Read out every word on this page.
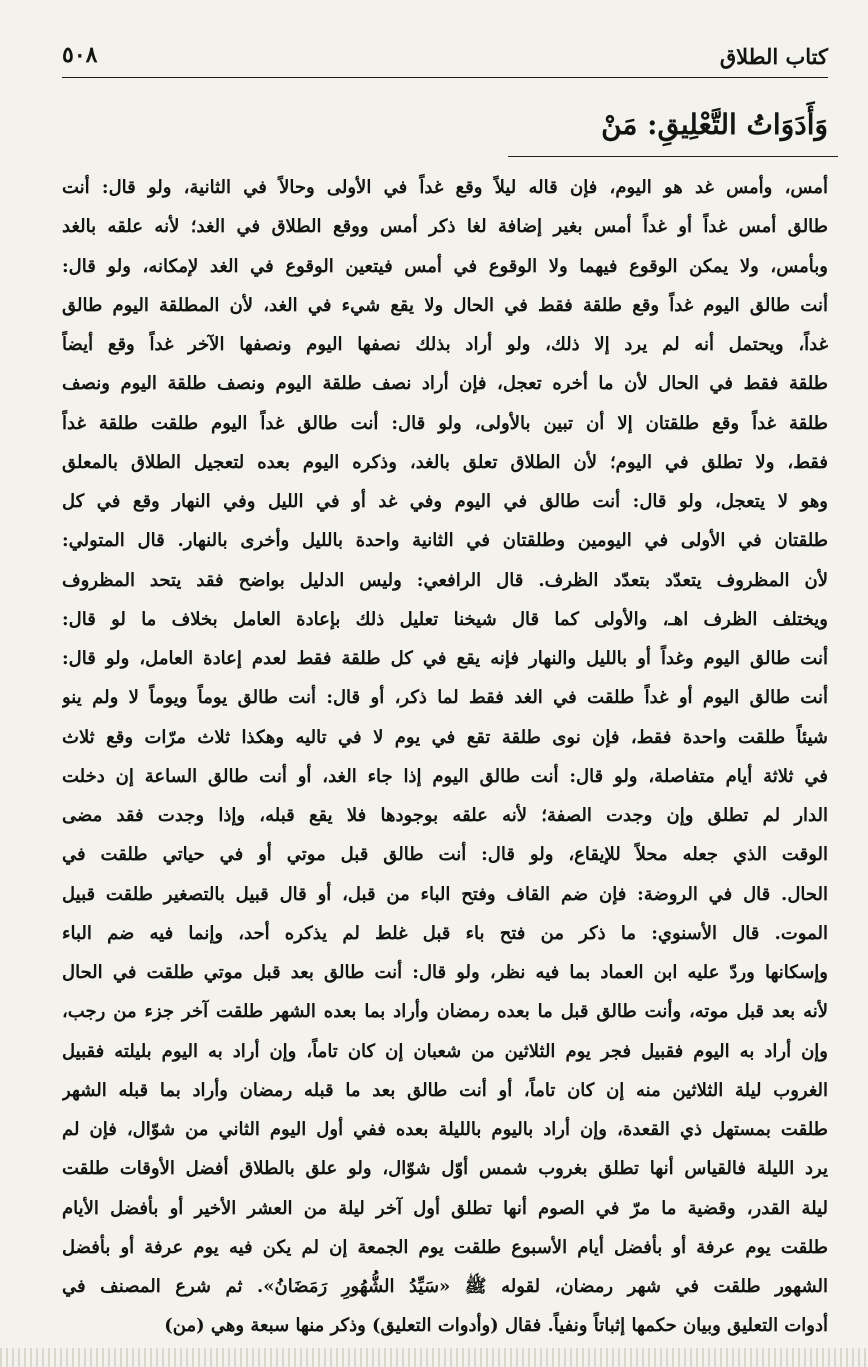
كتاب الطلاق
٥٠٨
وَأَدَوَاتُ التَّعْلِيقِ: مَنْ
أمس، وأمس غد هو اليوم، فإن قاله ليلاً وقع غداً في الأولى وحالاً في الثانية، ولو قال: أنت
طالق أمس غداً أو غداً أمس بغير إضافة لغا ذكر أمس ووقع الطلاق في الغد؛ لأنه علقه بالغد
وبأمس، ولا يمكن الوقوع فيهما ولا الوقوع في أمس فيتعين الوقوع في الغد لإمكانه، ولو قال:
أنت طالق اليوم غداً وقع طلقة فقط في الحال ولا يقع شيء في الغد، لأن المطلقة اليوم طالق
غداً، ويحتمل أنه لم يرد إلا ذلك، ولو أراد بذلك نصفها اليوم ونصفها الآخر غداً وقع أيضاً
طلقة فقط في الحال لأن ما أخره تعجل، فإن أراد نصف طلقة اليوم ونصف طلقة اليوم ونصف
طلقة غداً وقع طلقتان إلا أن تبين بالأولى، ولو قال: أنت طالق غداً اليوم طلقت طلقة غداً
فقط، ولا تطلق في اليوم؛ لأن الطلاق تعلق بالغد، وذكره اليوم بعده لتعجيل الطلاق بالمعلق
وهو لا يتعجل، ولو قال: أنت طالق في اليوم وفي غد أو في الليل وفي النهار وقع في كل
طلقتان في الأولى في اليومين وطلقتان في الثانية واحدة بالليل وأخرى بالنهار. قال المتولي:
لأن المظروف يتعدّد بتعدّد الظرف. قال الرافعي: وليس الدليل بواضح فقد يتحد المظروف
ويختلف الظرف اهـ، والأولى كما قال شيخنا تعليل ذلك بإعادة العامل بخلاف ما لو قال:
أنت طالق اليوم وغداً أو بالليل والنهار فإنه يقع في كل طلقة فقط لعدم إعادة العامل، ولو قال:
أنت طالق اليوم أو غداً طلقت في الغد فقط لما ذكر، أو قال: أنت طالق يوماً ويوماً لا ولم ينو
شيئاً طلقت واحدة فقط، فإن نوى طلقة تقع في يوم لا في تاليه وهكذا ثلاث مرّات وقع ثلاث
في ثلاثة أيام متفاصلة، ولو قال: أنت طالق اليوم إذا جاء الغد، أو أنت طالق الساعة إن دخلت
الدار لم تطلق وإن وجدت الصفة؛ لأنه علقه بوجودها فلا يقع قبله، وإذا وجدت فقد مضى
الوقت الذي جعله محلاً للإيقاع، ولو قال: أنت طالق قبل موتي أو في حياتي طلقت في
الحال. قال في الروضة: فإن ضم القاف وفتح الباء من قبل، أو قال قبيل بالتصغير طلقت قبيل
الموت. قال الأسنوي: ما ذكر من فتح باء قبل غلط لم يذكره أحد، وإنما فيه ضم الباء
وإسكانها وردّ عليه ابن العماد بما فيه نظر، ولو قال: أنت طالق بعد قبل موتي طلقت في الحال
لأنه بعد قبل موته، وأنت طالق قبل ما بعده رمضان وأراد بما بعده الشهر طلقت آخر جزء من رجب،
وإن أراد به اليوم فقبيل فجر يوم الثلاثين من شعبان إن كان تاماً، وإن أراد به اليوم بليلته فقبيل
الغروب ليلة الثلاثين منه إن كان تاماً، أو أنت طالق بعد ما قبله رمضان وأراد بما قبله الشهر
طلقت بمستهل ذي القعدة، وإن أراد باليوم بالليلة بعده ففي أول اليوم الثاني من شوّال، فإن لم
يرد الليلة فالقياس أنها تطلق بغروب شمس أوّل شوّال، ولو علق بالطلاق أفضل الأوقات طلقت
ليلة القدر، وقضية ما مرّ في الصوم أنها تطلق أول آخر ليلة من العشر الأخير أو بأفضل الأيام
طلقت يوم عرفة أو بأفضل أيام الأسبوع طلقت يوم الجمعة إن لم يكن فيه يوم عرفة أو بأفضل
الشهور طلقت في شهر رمضان، لقوله ﷺ «سَيِّدُ الشُّهُورِ رَمَضَانُ». ثم شرع المصنف في
أدوات التعليق وبيان حكمها إثباتاً ونفياً. فقال (وأدوات التعليق) وذكر منها سبعة وهي (من)
